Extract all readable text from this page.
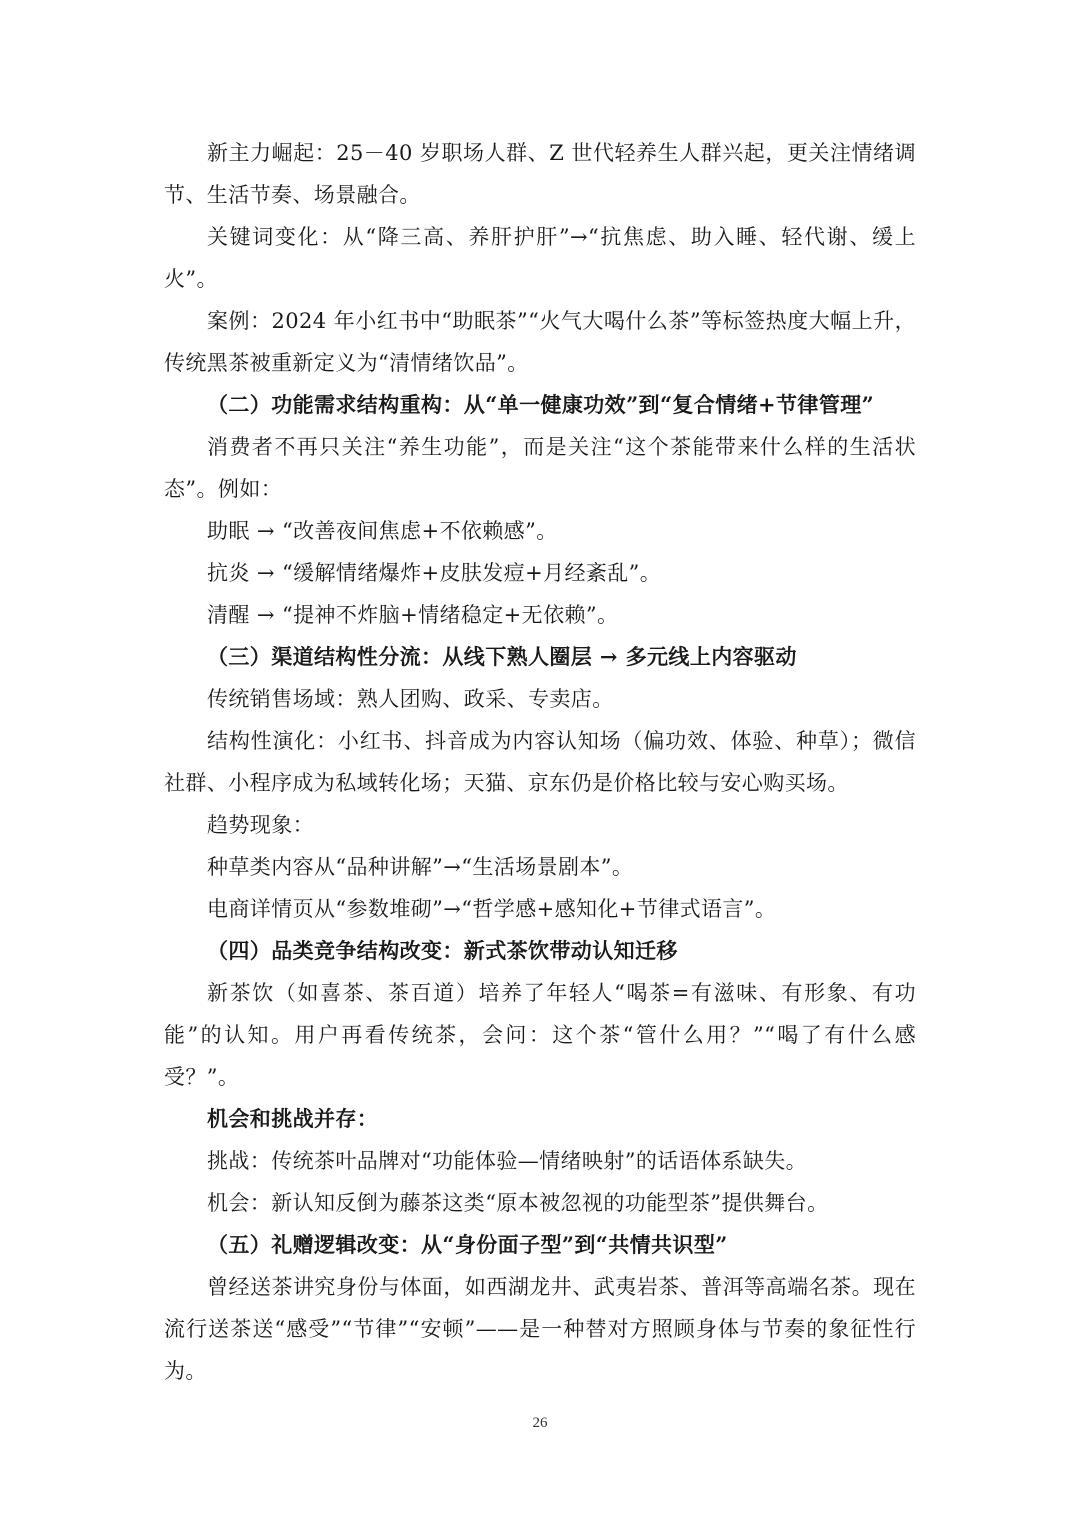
新主力崛起：25－40 岁职场人群、Z 世代轻养生人群兴起，更关注情绪调节、生活节奏、场景融合。

关键词变化：从“降三高、养肝护肝”→“抗焦虑、助入睡、轻代谢、缓上火”。

案例：2024 年小红书中“助眠茶”“火气大喝什么茶”等标签热度大幅上升，传统黑茶被重新定义为“清情绪饮品”。

（二）功能需求结构重构：从“单一健康功效”到“复合情绪+节律管理”

消费者不再只关注“养生功能”，而是关注“这个茶能带来什么样的生活状态”。例如：

助眠 → “改善夜间焦虑+不依赖感”。

抗炎 → “缓解情绪爆炸+皮肤发痘+月经紊乱”。

清醒 → “提神不炸脑+情绪稳定+无依赖”。

（三）渠道结构性分流：从线下熟人圈层 → 多元线上内容驱动

传统销售场域：熟人团购、政采、专卖店。

结构性演化：小红书、抖音成为内容认知场（偏功效、体验、种草）；微信社群、小程序成为私域转化场；天猫、京东仍是价格比较与安心购买场。

趋势现象：

种草类内容从“品种讲解”→“生活场景剧本”。

电商详情页从“参数堆砌”→“哲学感+感知化+节律式语言”。

（四）品类竞争结构改变：新式茶饮带动认知迁移

新茶饮（如喜茶、茶百道）培养了年轻人“喝茶=有滋味、有形象、有功能”的认知。用户再看传统茶，会问：这个茶“管什么用？”“喝了有什么感受？”。

机会和挑战并存：

挑战：传统茶叶品牌对“功能体验—情绪映射”的话语体系缺失。

机会：新认知反倒为藤茶这类“原本被忽视的功能型茶”提供舞台。

（五）礼赠逻辑改变：从“身份面子型”到“共情共识型”

曾经送茶讲究身份与体面，如西湖龙井、武夷岩茶、普洱等高端名茶。现在流行送茶送“感受”“节律”“安顿”——是一种替对方照顾身体与节奏的象征性行为。

26
